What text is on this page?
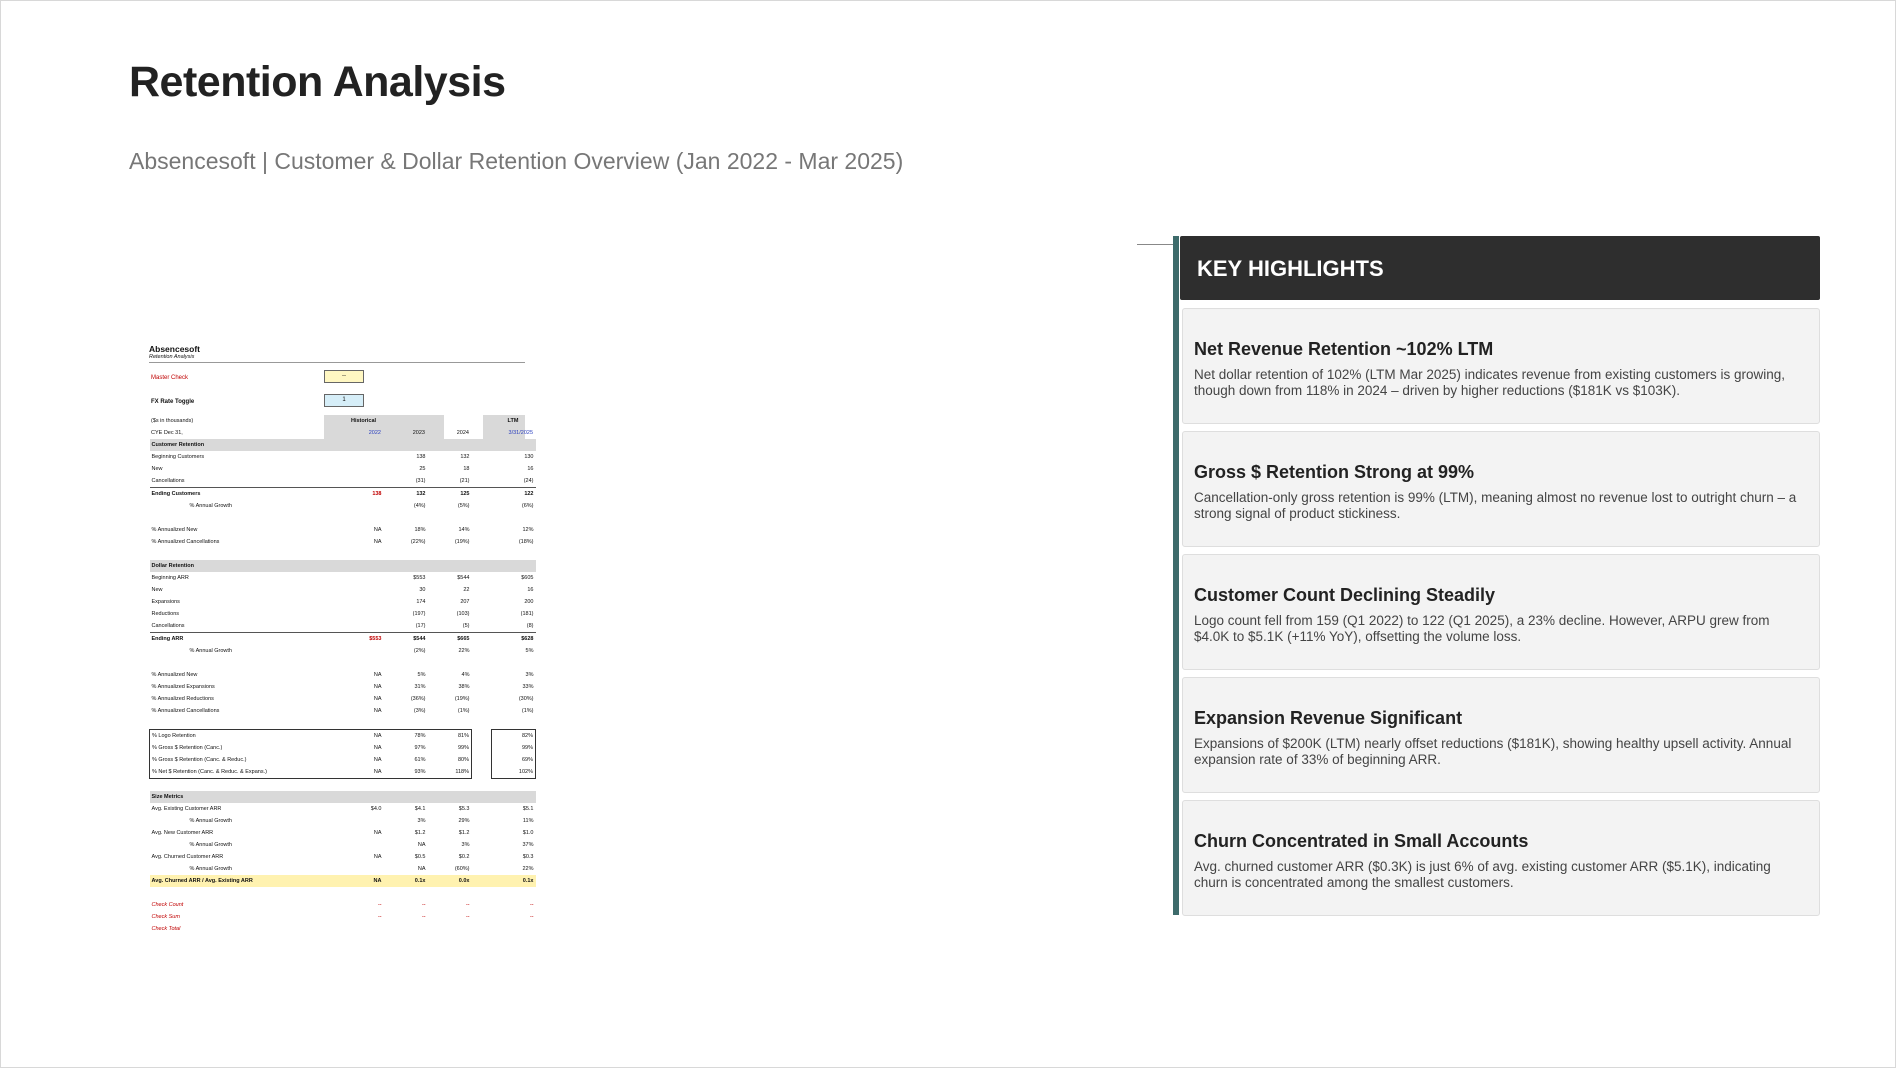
Retention Analysis
Absencesoft | Customer & Dollar Retention Overview (Jan 2022 - Mar 2025)
Absencesoft
Retention Analysis
Master Check	--
FX Rate Toggle	1
($s in thousands)	Historical				LTM
CYE Dec 31,	2022	2023	2024		3/31/2025
Customer Retention					
Beginning Customers		138	132		130
New		25	18		16
Cancellations		(31)	(21)		(24)
Ending Customers	138	132	125		122
% Annual Growth		(4%)	(5%)		(6%)

% Annualized New	NA	18%	14%		12%
% Annualized Cancellations	NA	(22%)	(19%)		(18%)

Dollar Retention					
Beginning ARR		$553	$544		$605
New		30	22		16
Expansions		174	207		200
Reductions		(197)	(103)		(181)
Cancellations		(17)	(5)		(8)
Ending ARR	$553	$544	$665		$628
% Annual Growth		(2%)	22%		5%

% Annualized New	NA	5%	4%		3%
% Annualized Expansions	NA	31%	38%		33%
% Annualized Reductions	NA	(36%)	(19%)		(30%)
% Annualized Cancellations	NA	(3%)	(1%)		(1%)

% Logo Retention	NA	78%	81%		82%
% Gross $ Retention (Canc.)	NA	97%	99%		99%
% Gross $ Retention (Canc. & Reduc.)	NA	61%	80%		69%
% Net $ Retention (Canc. & Reduc. & Expans.)	NA	93%	118%		102%

Size Metrics					
Avg. Existing Customer ARR	$4.0	$4.1	$5.3		$5.1
% Annual Growth		3%	29%		11%
Avg. New Customer ARR	NA	$1.2	$1.2		$1.0
% Annual Growth		NA	3%		37%
Avg. Churned Customer ARR	NA	$0.5	$0.2		$0.3
% Annual Growth		NA	(60%)		22%
Avg. Churned ARR / Avg. Existing ARR	NA	0.1x	0.0x		0.1x

Check Count	--	--	--		--
Check Sum	--	--	--		--
Check Total					
KEY HIGHLIGHTS
Net Revenue Retention ~102% LTM
Net dollar retention of 102% (LTM Mar 2025) indicates revenue from existing customers is growing, though down from 118% in 2024 – driven by higher reductions ($181K vs $103K).
Gross $ Retention Strong at 99%
Cancellation-only gross retention is 99% (LTM), meaning almost no revenue lost to outright churn – a strong signal of product stickiness.
Customer Count Declining Steadily
Logo count fell from 159 (Q1 2022) to 122 (Q1 2025), a 23% decline. However, ARPU grew from $4.0K to $5.1K (+11% YoY), offsetting the volume loss.
Expansion Revenue Significant
Expansions of $200K (LTM) nearly offset reductions ($181K), showing healthy upsell activity. Annual expansion rate of 33% of beginning ARR.
Churn Concentrated in Small Accounts
Avg. churned customer ARR ($0.3K) is just 6% of avg. existing customer ARR ($5.1K), indicating churn is concentrated among the smallest customers.
